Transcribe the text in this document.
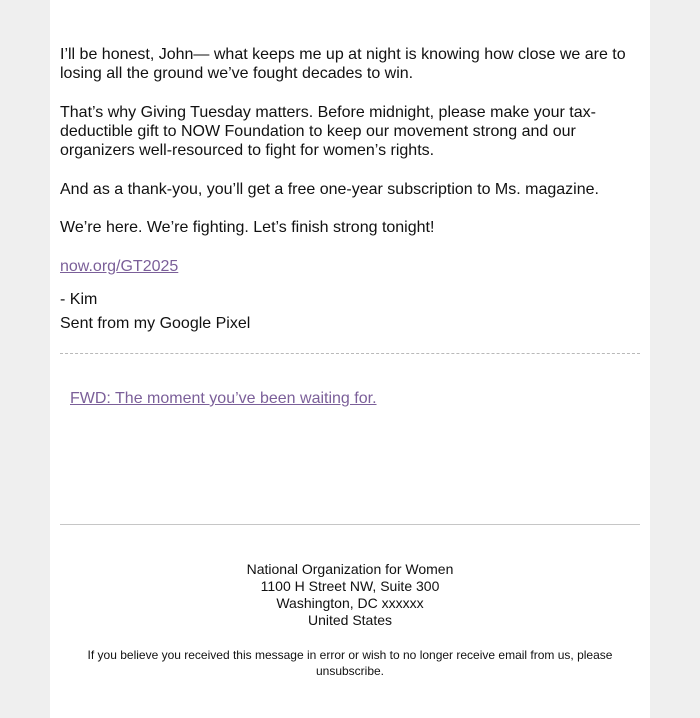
I’ll be honest, John— what keeps me up at night is knowing how close we are to losing all the ground we’ve fought decades to win.

That’s why Giving Tuesday matters. Before midnight, please make your tax-deductible gift to NOW Foundation to keep our movement strong and our organizers well-resourced to fight for women’s rights.

And as a thank-you, you’ll get a free one-year subscription to Ms. magazine.

We’re here. We’re fighting. Let’s finish strong tonight!

now.org/GT2025

- Kim

Sent from my Google Pixel

FWD: The moment you’ve been waiting for.
National Organization for Women
1100 H Street NW, Suite 300
Washington, DC xxxxxx
United States
If you believe you received this message in error or wish to no longer receive email from us, please unsubscribe.
